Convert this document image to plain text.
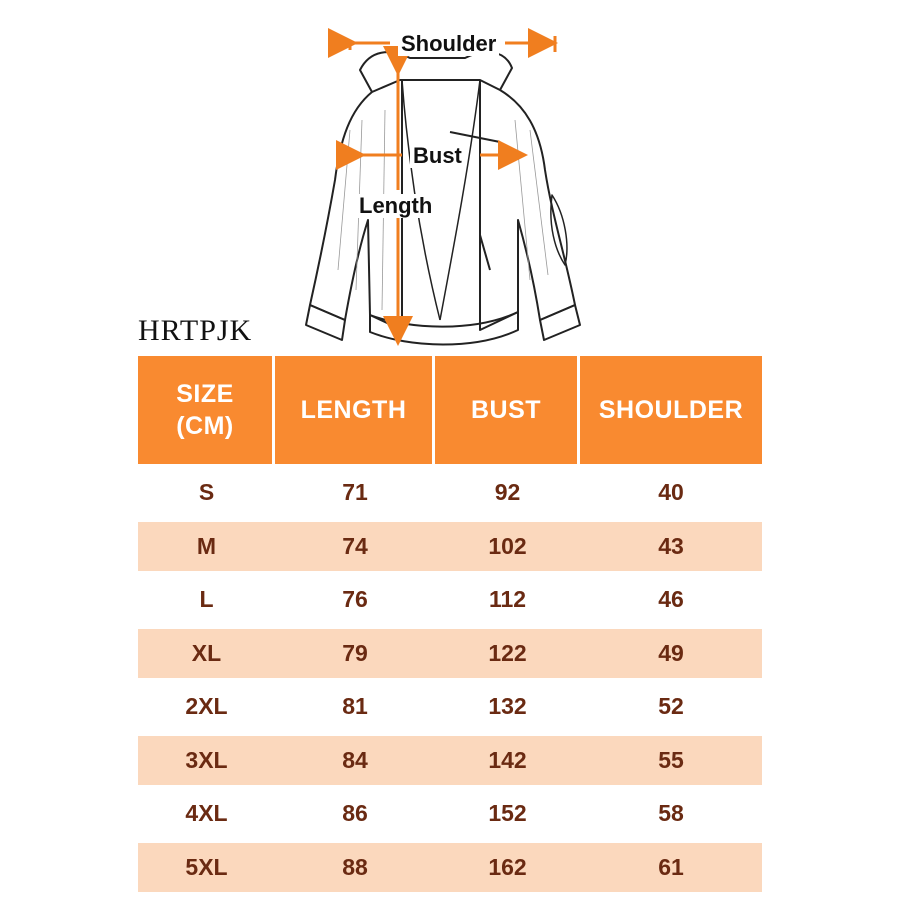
Shoulder
Bust
Length
HRTPJK
SIZE
(CM)
LENGTH	BUST	SHOULDER
S	71	92	40
M	74	102	43
L	76	112	46
XL	79	122	49
2XL	81	132	52
3XL	84	142	55
4XL	86	152	58
5XL	88	162	61
